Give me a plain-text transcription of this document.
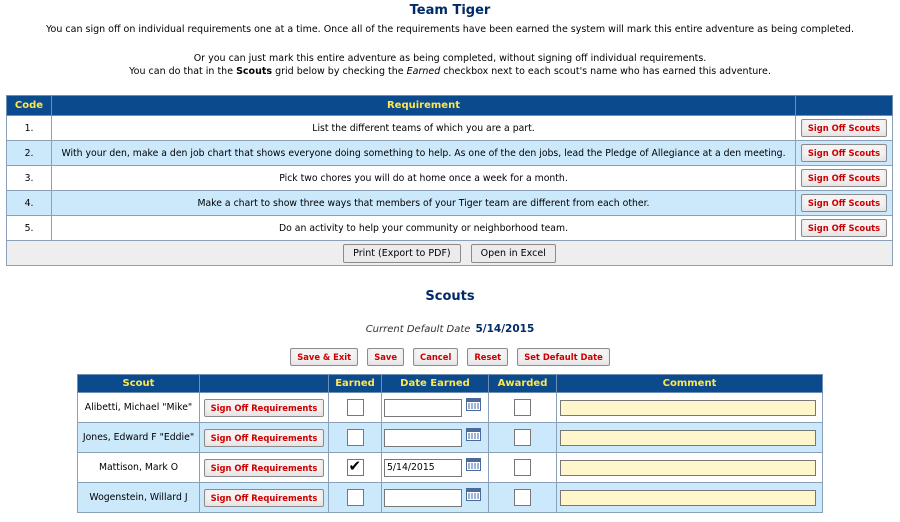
Team Tiger
You can sign off on individual requirements one at a time. Once all of the requirements have been earned the system will mark this entire adventure as being completed.
Or you can just mark this entire adventure as being completed, without signing off individual requirements.
You can do that in the Scouts grid below by checking the Earned checkbox next to each scout's name who has earned this adventure.
Code	Requirement	
1.	List the different teams of which you are a part.	Sign Off Scouts
2.	With your den, make a den job chart that shows everyone doing something to help. As one of the den jobs, lead the Pledge of Allegiance at a den meeting.	Sign Off Scouts
3.	Pick two chores you will do at home once a week for a month.	Sign Off Scouts
4.	Make a chart to show three ways that members of your Tiger team are different from each other.	Sign Off Scouts
5.	Do an activity to help your community or neighborhood team.	Sign Off Scouts
Print (Export to PDF) Open in Excel		
Scouts
Current Default Date 5/14/2015
Save & Exit	Save	Cancel	Reset	Set Default Date
Scout		Earned	Date Earned	Awarded	Comment
Alibetti, Michael "Mike"	Sign Off Requirements		

Jones, Edward F "Eddie"	Sign Off Requirements		

Mattison, Mark O	Sign Off Requirements	✔	5/14/2015		

Wogenstein, Willard J	Sign Off Requirements		
